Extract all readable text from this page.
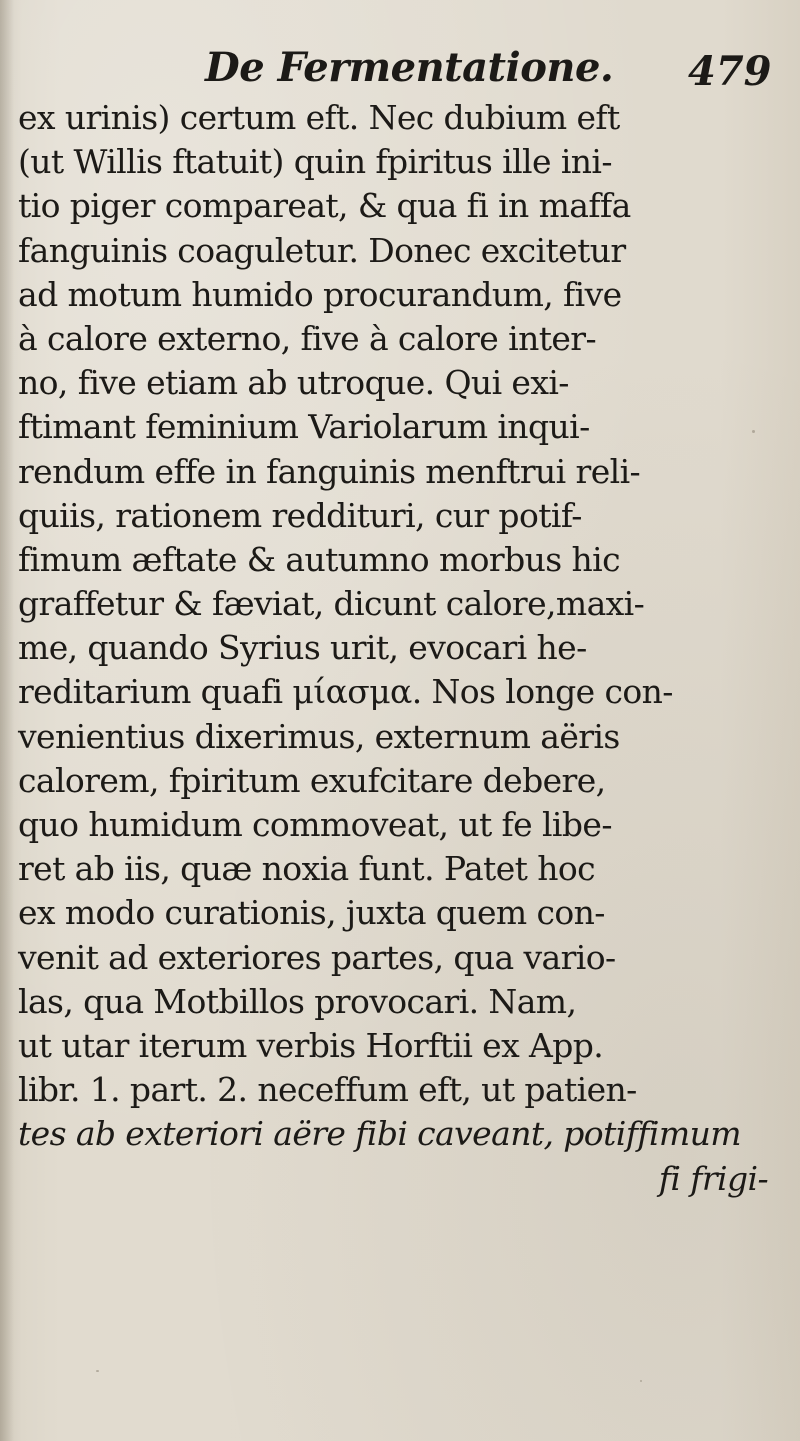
De Fermentatione. 479
ex urinis) certum eft. Nec dubium eft
(ut Willis ftatuit) quin fpiritus ille ini-
tio piger compareat, & qua fi in maffa
fanguinis coaguletur. Donec excitetur
ad motum humido procurandum, five
à calore externo, five à calore inter-
no, five etiam ab utroque. Qui exi-
ftimant feminium Variolarum inqui-
rendum effe in fanguinis menftrui reli-
quiis, rationem reddituri, cur potif-
fimum æftate & autumno morbus hic
graffetur & fæviat, dicunt calore,maxi-
me, quando Syrius urit, evocari he-
reditarium quafi μίασμα. Nos longe con-
venientius dixerimus, externum aëris
calorem, fpiritum exufcitare debere,
quo humidum commoveat, ut fe libe-
ret ab iis, quæ noxia funt. Patet hoc
ex modo curationis, juxta quem con-
venit ad exteriores partes, qua vario-
las, qua Motbillos provocari. Nam,
ut utar iterum verbis Horftii ex App.
libr. 1. part. 2. neceffum eft, ut patien-
tes ab exteriori aëre fibi caveant, potiffimum
fi frigi-
